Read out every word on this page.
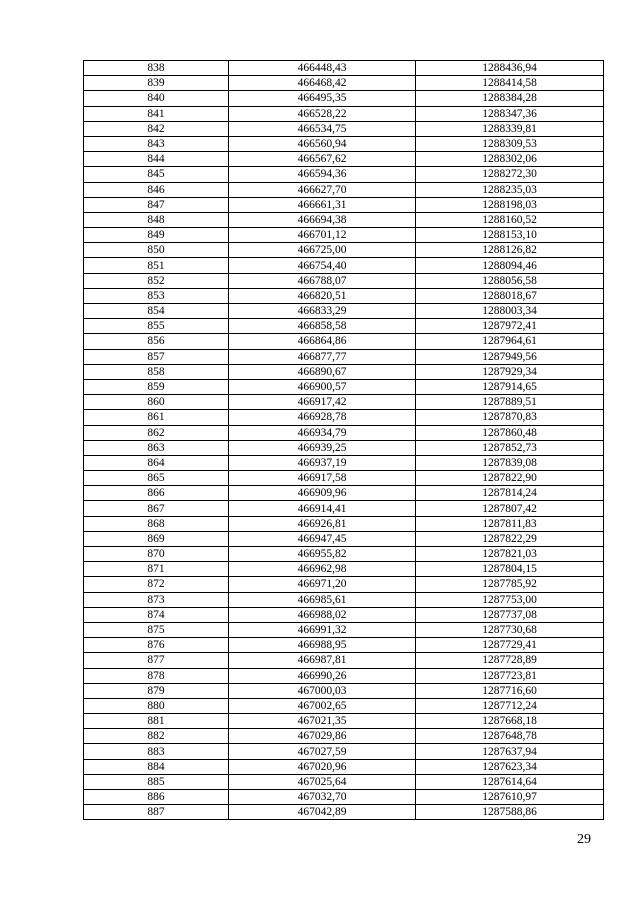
838	466448,43	1288436,94
839	466468,42	1288414,58
840	466495,35	1288384,28
841	466528,22	1288347,36
842	466534,75	1288339,81
843	466560,94	1288309,53
844	466567,62	1288302,06
845	466594,36	1288272,30
846	466627,70	1288235,03
847	466661,31	1288198,03
848	466694,38	1288160,52
849	466701,12	1288153,10
850	466725,00	1288126,82
851	466754,40	1288094,46
852	466788,07	1288056,58
853	466820,51	1288018,67
854	466833,29	1288003,34
855	466858,58	1287972,41
856	466864,86	1287964,61
857	466877,77	1287949,56
858	466890,67	1287929,34
859	466900,57	1287914,65
860	466917,42	1287889,51
861	466928,78	1287870,83
862	466934,79	1287860,48
863	466939,25	1287852,73
864	466937,19	1287839,08
865	466917,58	1287822,90
866	466909,96	1287814,24
867	466914,41	1287807,42
868	466926,81	1287811,83
869	466947,45	1287822,29
870	466955,82	1287821,03
871	466962,98	1287804,15
872	466971,20	1287785,92
873	466985,61	1287753,00
874	466988,02	1287737,08
875	466991,32	1287730,68
876	466988,95	1287729,41
877	466987,81	1287728,89
878	466990,26	1287723,81
879	467000,03	1287716,60
880	467002,65	1287712,24
881	467021,35	1287668,18
882	467029,86	1287648,78
883	467027,59	1287637,94
884	467020,96	1287623,34
885	467025,64	1287614,64
886	467032,70	1287610,97
887	467042,89	1287588,86
29
